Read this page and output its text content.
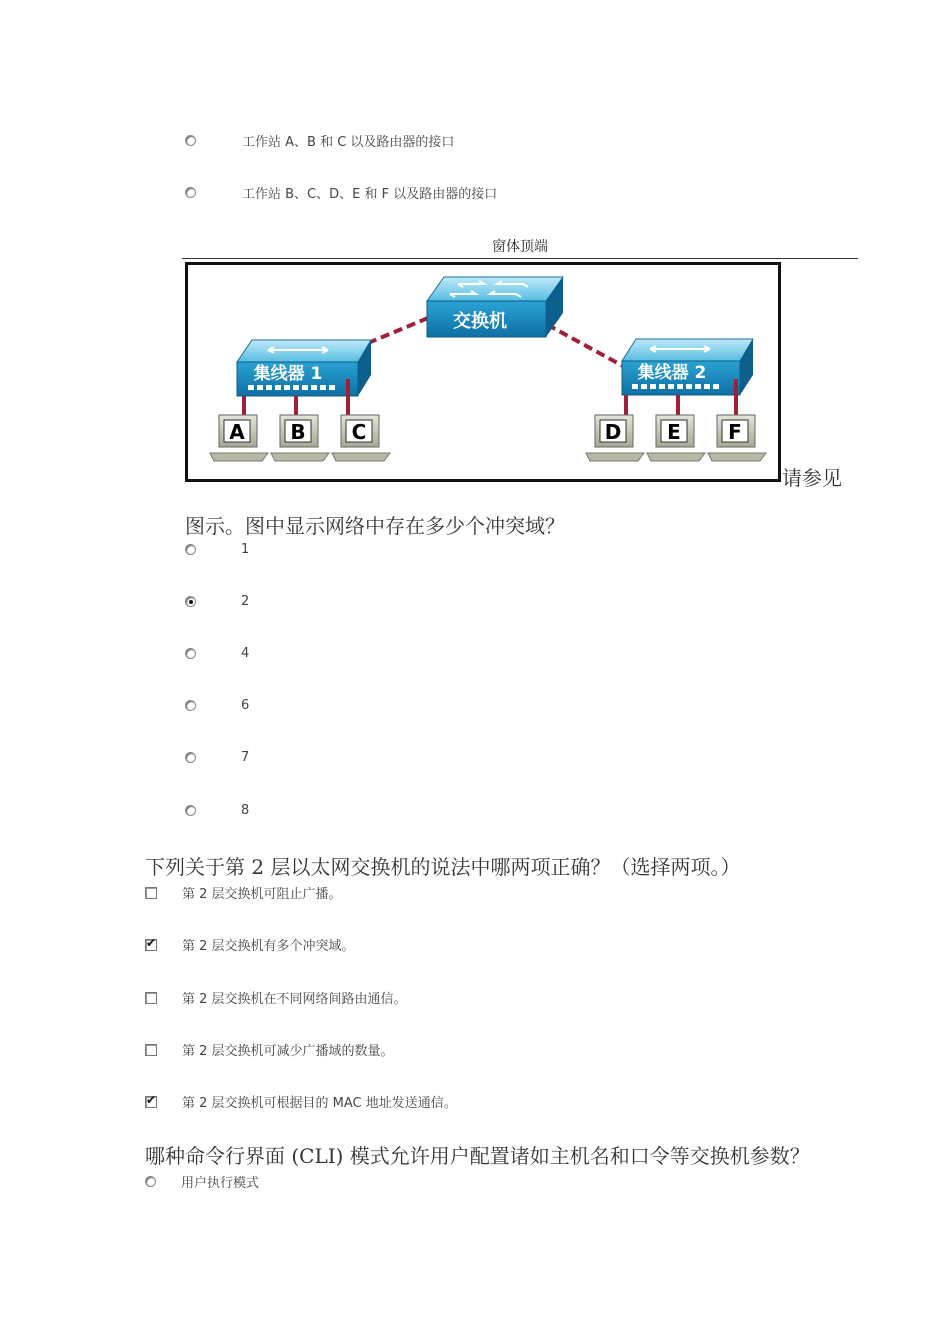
工作站 A、B 和 C 以及路由器的接口
工作站 B、C、D、E 和 F 以及路由器的接口
窗体顶端
交换机
集线器 1	集线器 2
A B C	D E F
请参见
图示。图中显示网络中存在多少个冲突域？
1
2
4
6
7
8
下列关于第 2 层以太网交换机的说法中哪两项正确？（选择两项。）
第 2 层交换机可阻止广播。
✔
第 2 层交换机有多个冲突域。
第 2 层交换机在不同网络间路由通信。
第 2 层交换机可减少广播域的数量。
✔
第 2 层交换机可根据目的 MAC 地址发送通信。
哪种命令行界面 (CLI) 模式允许用户配置诸如主机名和口令等交换机参数？
用户执行模式
